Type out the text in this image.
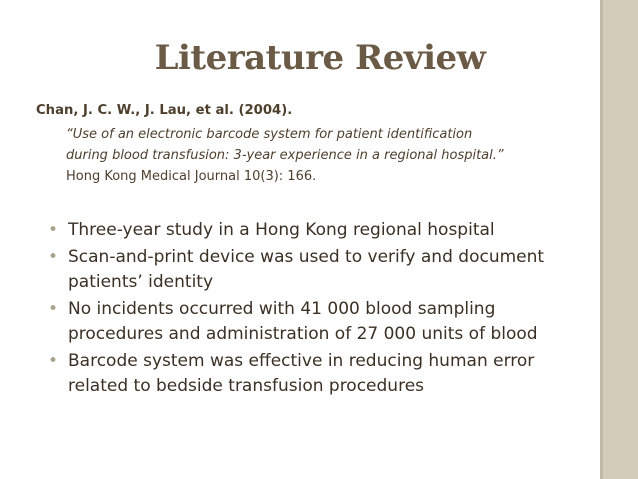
Literature Review

Chan, J. C. W., J. Lau, et al. (2004).

“Use of an electronic barcode system for patient identification
during blood transfusion: 3-year experience in a regional hospital.”

Hong Kong Medical Journal 10(3): 166.

• Three-year study in a Hong Kong regional hospital
• Scan-and-print device was used to verify and document patients’ identity
• No incidents occurred with 41 000 blood sampling procedures and administration of 27 000 units of blood
• Barcode system was effective in reducing human error related to bedside transfusion procedures
